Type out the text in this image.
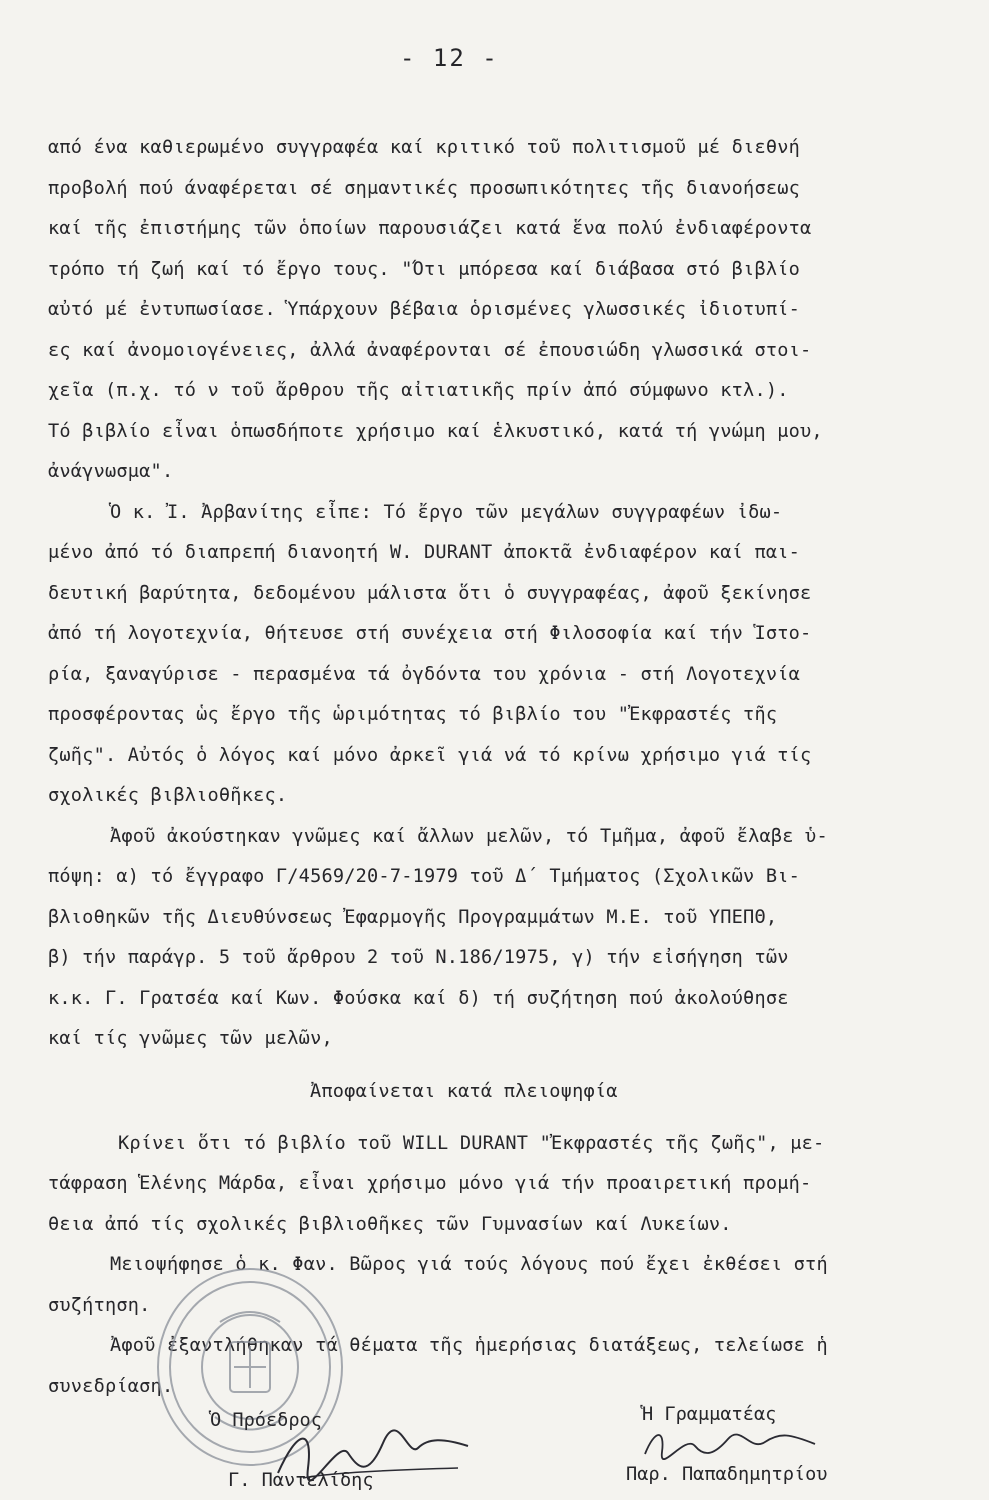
- 12 -
από ένα καθιερωμένο συγγραφέα καί κριτικό τοῦ πολιτισμοῦ μέ διεθνή
προβολή πού άναφέρεται σέ σημαντικές προσωπικότητες τῆς διανοήσεως
καί τῆς ἐπιστήμης τῶν ὁποίων παρουσιάζει κατά ἕνα πολύ ἐνδιαφέροντα
τρόπο τή ζωή καί τό ἔργο τους. "Ότι μπόρεσα καί διάβασα στό βιβλίο
αὐτό μέ ἐντυπωσίασε. Ὑπάρχουν βέβαια ὁρισμένες γλωσσικές ἰδιοτυπί-
ες καί ἀνομοιογένειες, ἀλλά ἀναφέρονται σέ ἐπουσιώδη γλωσσικά στοι-
χεῖα (π.χ. τό ν τοῦ ἄρθρου τῆς αἰτιατικῆς πρίν ἀπό σύμφωνο κτλ.).
Τό βιβλίο εἶναι ὁπωσδήποτε χρήσιμο καί ἑλκυστικό, κατά τή γνώμη μου,
ἀνάγνωσμα".
Ὁ κ. Ἰ. Ἀρβανίτης εἶπε: Τό ἔργο τῶν μεγάλων συγγραφέων ἰδω-
μένο ἀπό τό διαπρεπή διανοητή W. DURANT ἀποκτᾶ ἐνδιαφέρον καί παι-
δευτική βαρύτητα, δεδομένου μάλιστα ὅτι ὁ συγγραφέας, ἀφοῦ ξεκίνησε
ἀπό τή λογοτεχνία, θήτευσε στή συνέχεια στή Φιλοσοφία καί τήν Ἱστο-
ρία, ξαναγύρισε - περασμένα τά ὀγδόντα του χρόνια - στή Λογοτεχνία
προσφέροντας ὡς ἔργο τῆς ὡριμότητας τό βιβλίο του "Ἐκφραστές τῆς
ζωῆς". Αὐτός ὁ λόγος καί μόνο ἀρκεῖ γιά νά τό κρίνω χρήσιμο γιά τίς
σχολικές βιβλιοθῆκες.
Ἀφοῦ ἀκούστηκαν γνῶμες καί ἄλλων μελῶν, τό Τμῆμα, ἀφοῦ ἔλαβε ὑ-
πόψη: α) τό ἔγγραφο Γ/4569/20-7-1979 τοῦ Δ΄ Τμήματος (Σχολικῶν Βι-
βλιοθηκῶν τῆς Διευθύνσεως Ἐφαρμογῆς Προγραμμάτων Μ.Ε. τοῦ ΥΠΕΠΘ,
β) τήν παράγρ. 5 τοῦ ἄρθρου 2 τοῦ Ν.186/1975, γ) τήν εἰσήγηση τῶν
κ.κ. Γ. Γρατσέα καί Κων. Φούσκα καί δ) τή συζήτηση πού ἀκολούθησε
καί τίς γνῶμες τῶν μελῶν,
Ἀποφαίνεται κατά πλειοψηφία
Κρίνει ὅτι τό βιβλίο τοῦ WILL DURANT "Ἐκφραστές τῆς ζωῆς", με-
τάφραση Ἑλένης Μάρδα, εἶναι χρήσιμο μόνο γιά τήν προαιρετική προμή-
θεια ἀπό τίς σχολικές βιβλιοθῆκες τῶν Γυμνασίων καί Λυκείων.
Μειοψήφησε ὁ κ. Φαν. Βῶρος γιά τούς λόγους πού ἔχει ἐκθέσει στή
συζήτηση.
Ἀφοῦ ἐξαντλήθηκαν τά θέματα τῆς ἡμερήσιας διατάξεως, τελείωσε ἡ
συνεδρίαση.
Ὁ Πρόεδρος
Γ. Παντελίδης
Ἡ Γραμματέας
Παρ. Παπαδημητρίου
